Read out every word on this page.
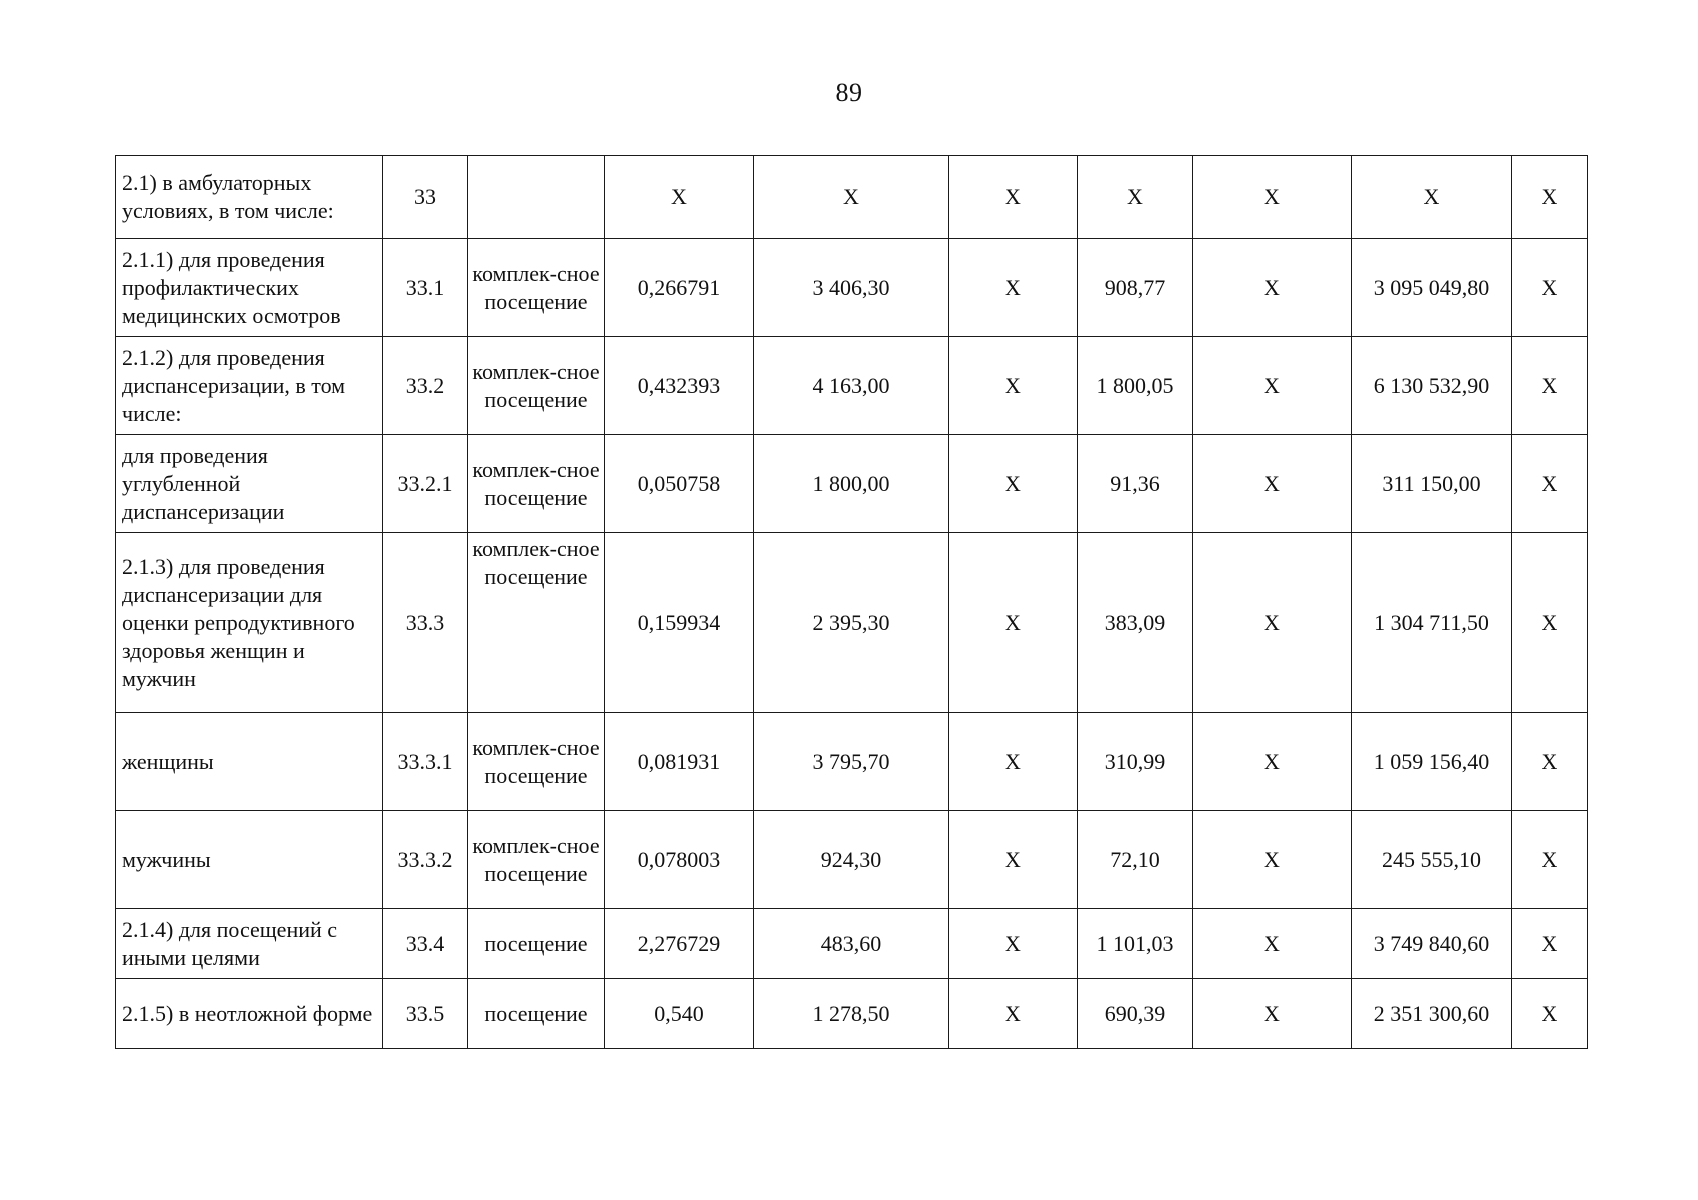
89
2.1) в амбулаторных условиях, в том числе:	33		X	X	X	X	X	X	X
2.1.1) для проведения профилактических медицинских осмотров	33.1	комплек-сное посещение	0,266791	3 406,30	X	908,77	X	3 095 049,80	X
2.1.2) для проведения диспансеризации, в том числе:	33.2	комплек-сное посещение	0,432393	4 163,00	X	1 800,05	X	6 130 532,90	X
для проведения углубленной диспансеризации	33.2.1	комплек-сное посещение	0,050758	1 800,00	X	91,36	X	311 150,00	X
2.1.3) для проведения диспансеризации для оценки репродуктивного здоровья женщин и мужчин	33.3	комплек-сное посещение	0,159934	2 395,30	X	383,09	X	1 304 711,50	X
женщины	33.3.1	комплек-сное посещение	0,081931	3 795,70	X	310,99	X	1 059 156,40	X
мужчины	33.3.2	комплек-сное посещение	0,078003	924,30	X	72,10	X	245 555,10	X
2.1.4) для посещений с иными целями	33.4	посещение	2,276729	483,60	X	1 101,03	X	3 749 840,60	X
2.1.5) в неотложной форме	33.5	посещение	0,540	1 278,50	X	690,39	X	2 351 300,60	X
